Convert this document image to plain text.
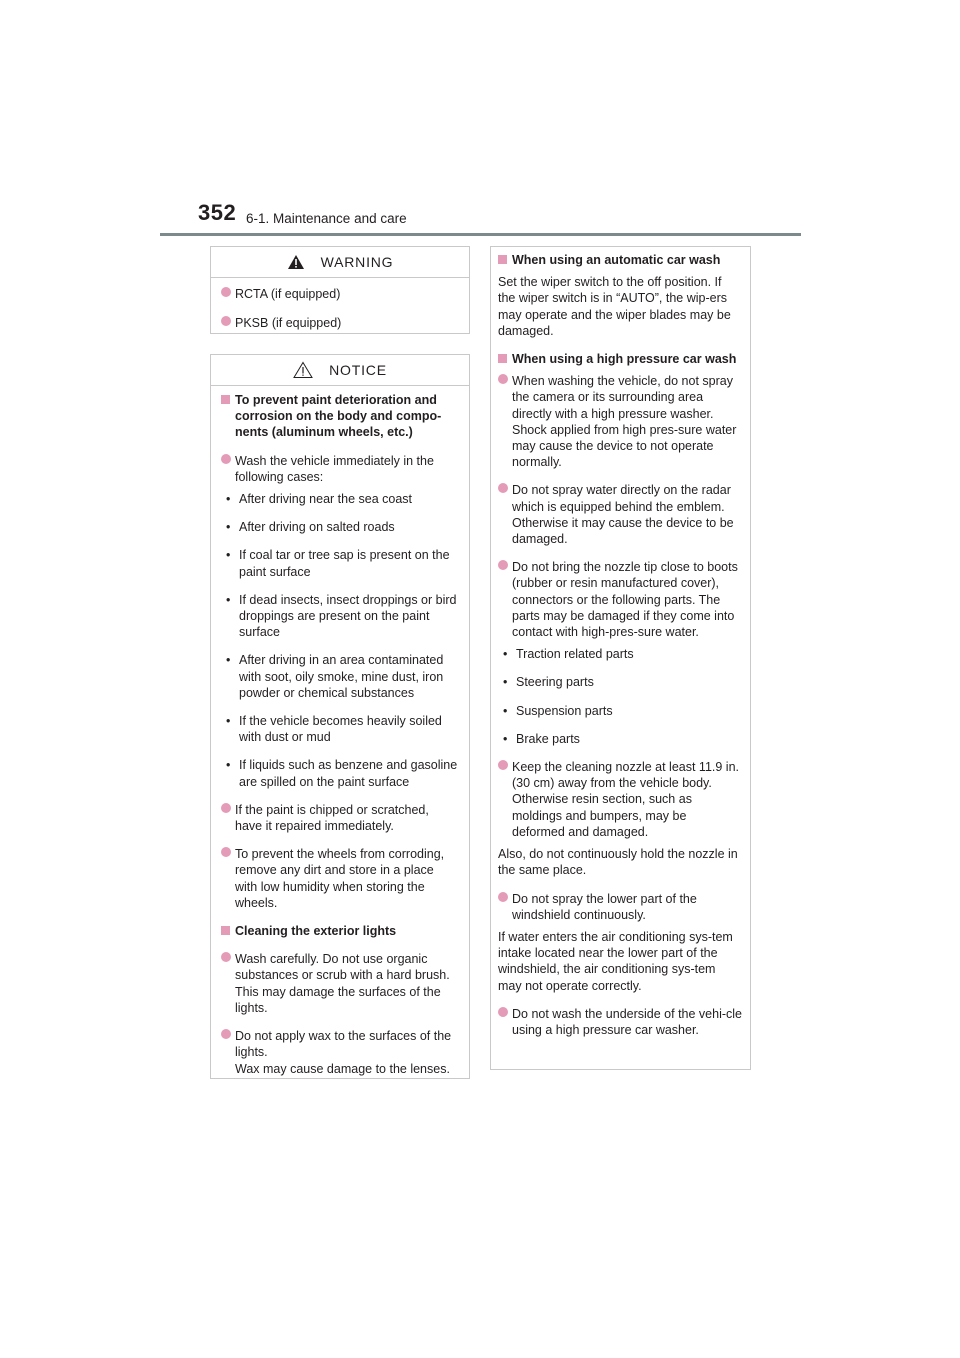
352 6-1. Maintenance and care
WARNING
RCTA (if equipped)
PKSB (if equipped)
NOTICE
To prevent paint deterioration and corrosion on the body and compo-nents (aluminum wheels, etc.)
Wash the vehicle immediately in the following cases:
• After driving near the sea coast
• After driving on salted roads
• If coal tar or tree sap is present on the paint surface
• If dead insects, insect droppings or bird droppings are present on the paint surface
• After driving in an area contaminated with soot, oily smoke, mine dust, iron powder or chemical substances
• If the vehicle becomes heavily soiled with dust or mud
• If liquids such as benzene and gasoline are spilled on the paint surface
If the paint is chipped or scratched, have it repaired immediately.
To prevent the wheels from corroding, remove any dirt and store in a place with low humidity when storing the wheels.
Cleaning the exterior lights
Wash carefully. Do not use organic substances or scrub with a hard brush. This may damage the surfaces of the lights.

Do not apply wax to the surfaces of the lights.

Wax may cause damage to the lenses.

When using an automatic car wash
Set the wiper switch to the off position. If the wiper switch is in “AUTO”, the wip-ers may operate and the wiper blades may be damaged.
When using a high pressure car wash
When washing the vehicle, do not spray the camera or its surrounding area directly with a high pressure washer. Shock applied from high pres-sure water may cause the device to not operate normally.
Do not spray water directly on the radar which is equipped behind the emblem. Otherwise it may cause the device to be damaged.
Do not bring the nozzle tip close to boots (rubber or resin manufactured cover), connectors or the following parts. The parts may be damaged if they come into contact with high-pres-sure water.
• Traction related parts
• Steering parts
• Suspension parts
• Brake parts
Keep the cleaning nozzle at least 11.9 in. (30 cm) away from the vehicle body. Otherwise resin section, such as moldings and bumpers, may be deformed and damaged.
Also, do not continuously hold the nozzle in the same place.
Do not spray the lower part of the windshield continuously.
If water enters the air conditioning sys-tem intake located near the lower part of the windshield, the air conditioning sys-tem may not operate correctly.
Do not wash the underside of the vehi-cle using a high pressure car washer.
